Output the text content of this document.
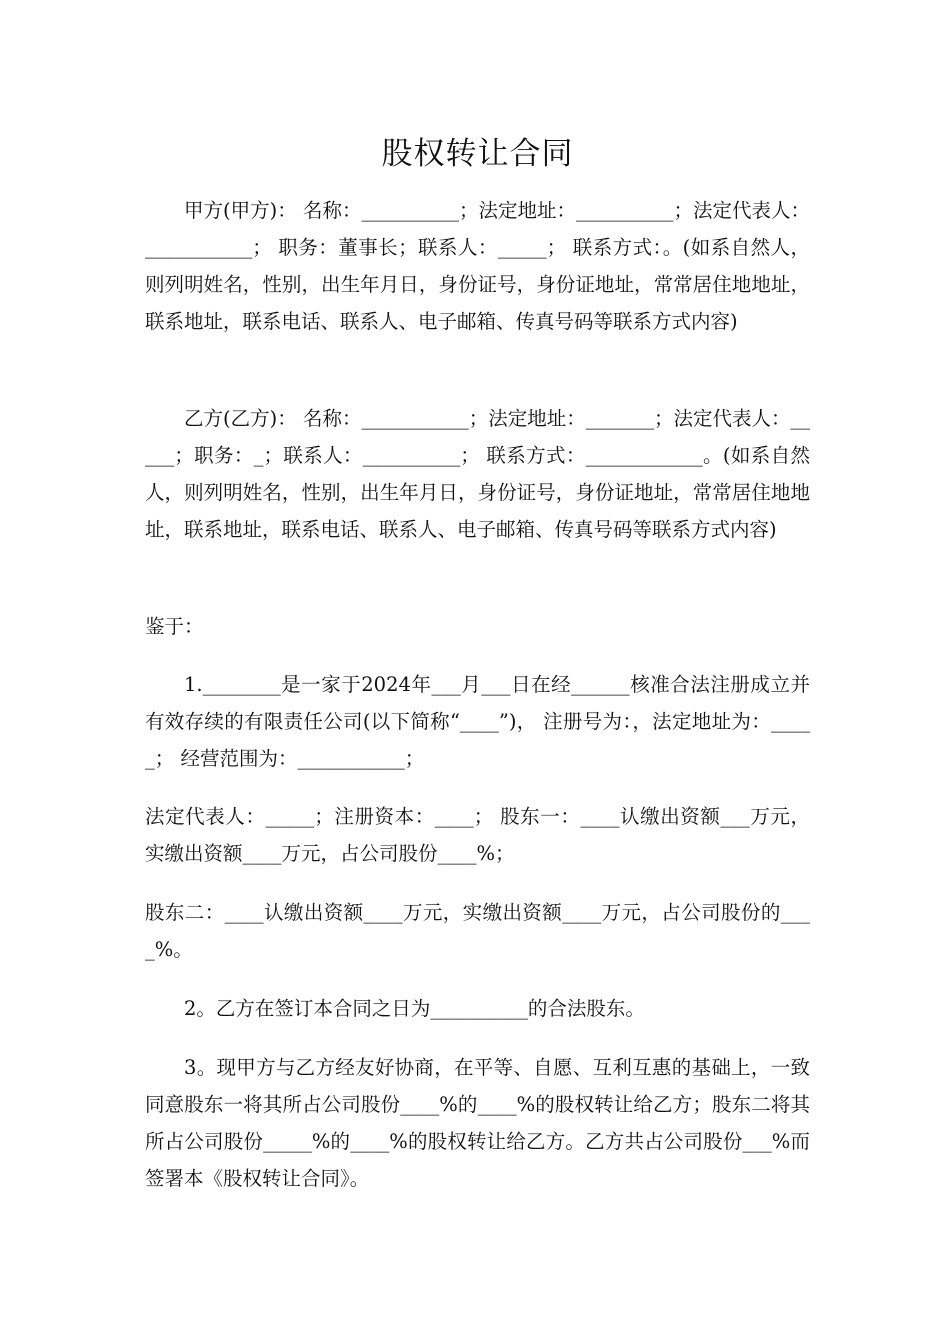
股权转让合同
甲方(甲方)： 名称：__________；法定地址：__________；法定代表人：___________； 职务：董事长；联系人：_____； 联系方式：。(如系自然人，则列明姓名，性别，出生年月日，身份证号，身份证地址，常常居住地地址，联系地址，联系电话、联系人、电子邮箱、传真号码等联系方式内容)
乙方(乙方)： 名称：___________；法定地址：_______；法定代表人：_____；职务：_；联系人：__________； 联系方式：____________。(如系自然人，则列明姓名，性别，出生年月日，身份证号，身份证地址，常常居住地地址，联系地址，联系电话、联系人、电子邮箱、传真号码等联系方式内容)
鉴于：
1.________是一家于2024年___月___日在经______核准合法注册成立并有效存续的有限责任公司(以下简称“____”)， 注册号为：，法定地址为：_____； 经营范围为：___________；
法定代表人：_____；注册资本：____； 股东一：____认缴出资额___万元，实缴出资额____万元，占公司股份____%；
股东二：____认缴出资额____万元，实缴出资额____万元，占公司股份的____%。
2。乙方在签订本合同之日为__________的合法股东。
3。现甲方与乙方经友好协商，在平等、自愿、互利互惠的基础上，一致同意股东一将其所占公司股份____%的____%的股权转让给乙方；股东二将其所占公司股份_____%的____%的股权转让给乙方。乙方共占公司股份___%而签署本《股权转让合同》。
